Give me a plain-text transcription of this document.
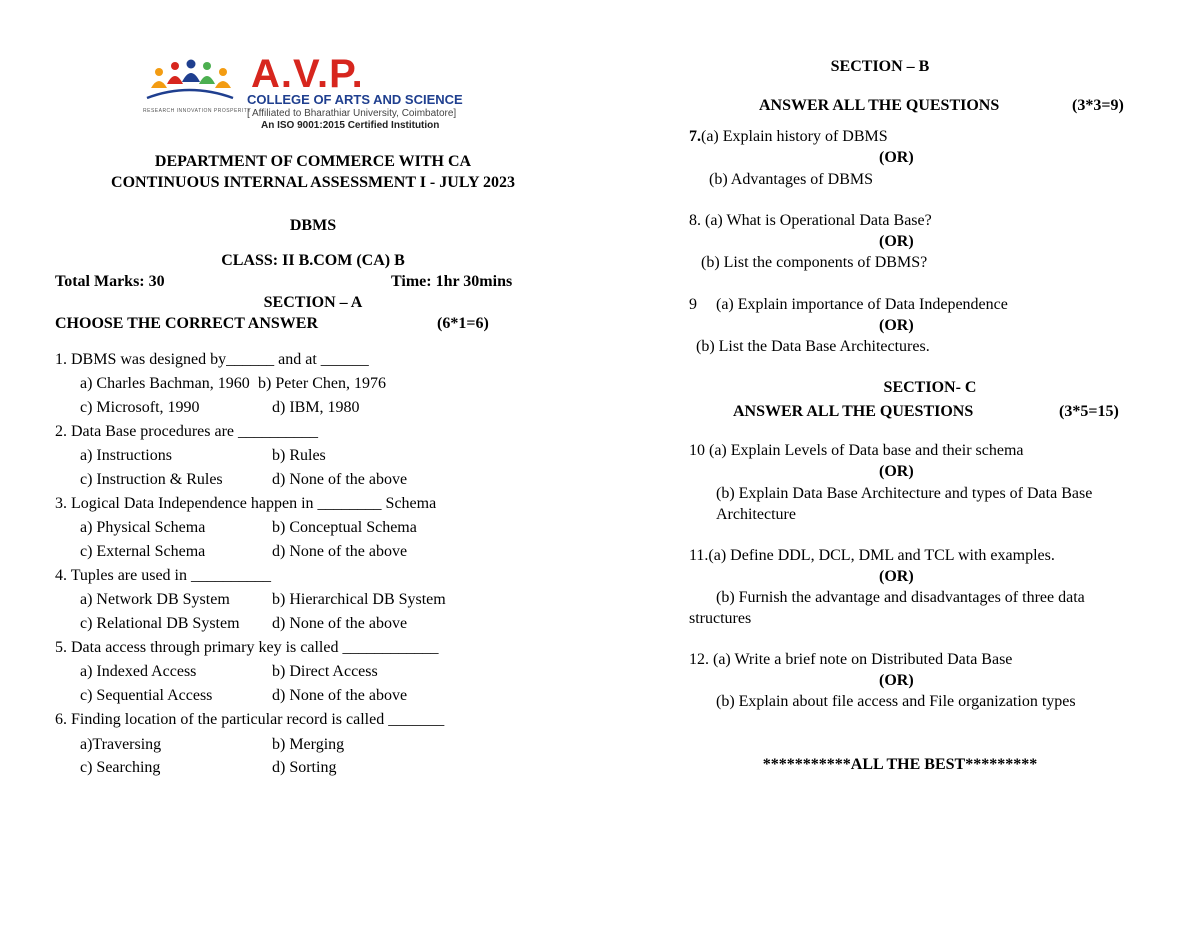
RESEARCH INNOVATION PROSPERITY
A.V.P.
COLLEGE OF ARTS AND SCIENCE
[ Affiliated to Bharathiar University, Coimbatore]
An ISO 9001:2015 Certified Institution
DEPARTMENT OF COMMERCE WITH CA
CONTINUOUS INTERNAL ASSESSMENT I - JULY 2023
DBMS
CLASS: II B.COM (CA) B
Total Marks: 30	Time: 1hr 30mins
SECTION – A
CHOOSE THE CORRECT ANSWER	(6*1=6)
1. DBMS was designed by______ and at ______
a) Charles Bachman, 1960 b) Peter Chen, 1976
c) Microsoft, 1990	d) IBM, 1980
2. Data Base procedures are __________
a) Instructions	b) Rules
c) Instruction & Rules	d) None of the above
3. Logical Data Independence happen in ________ Schema
a) Physical Schema	b) Conceptual Schema
c) External Schema	d) None of the above
4. Tuples are used in __________
a) Network DB System	b) Hierarchical DB System
c) Relational DB System d) None of the above
5. Data access through primary key is called ____________
a) Indexed Access	b) Direct Access
c) Sequential Access	d) None of the above
6. Finding location of the particular record is called _______
a)Traversing	b) Merging
c) Searching	d) Sorting
SECTION – B
ANSWER ALL THE QUESTIONS	(3*3=9)
7.(a) Explain history of DBMS
(OR)
(b) Advantages of DBMS
8. (a) What is Operational Data Base?
(OR)
(b) List the components of DBMS?
9 (a) Explain importance of Data Independence
(OR)
(b) List the Data Base Architectures.
SECTION- C
ANSWER ALL THE QUESTIONS	(3*5=15)
10 (a) Explain Levels of Data base and their schema
(OR)
(b) Explain Data Base Architecture and types of Data Base
Architecture
11.(a) Define DDL, DCL, DML and TCL with examples.
(OR)
(b) Furnish the advantage and disadvantages of three data
structures
12. (a) Write a brief note on Distributed Data Base
(OR)
(b) Explain about file access and File organization types
***********ALL THE BEST*********
